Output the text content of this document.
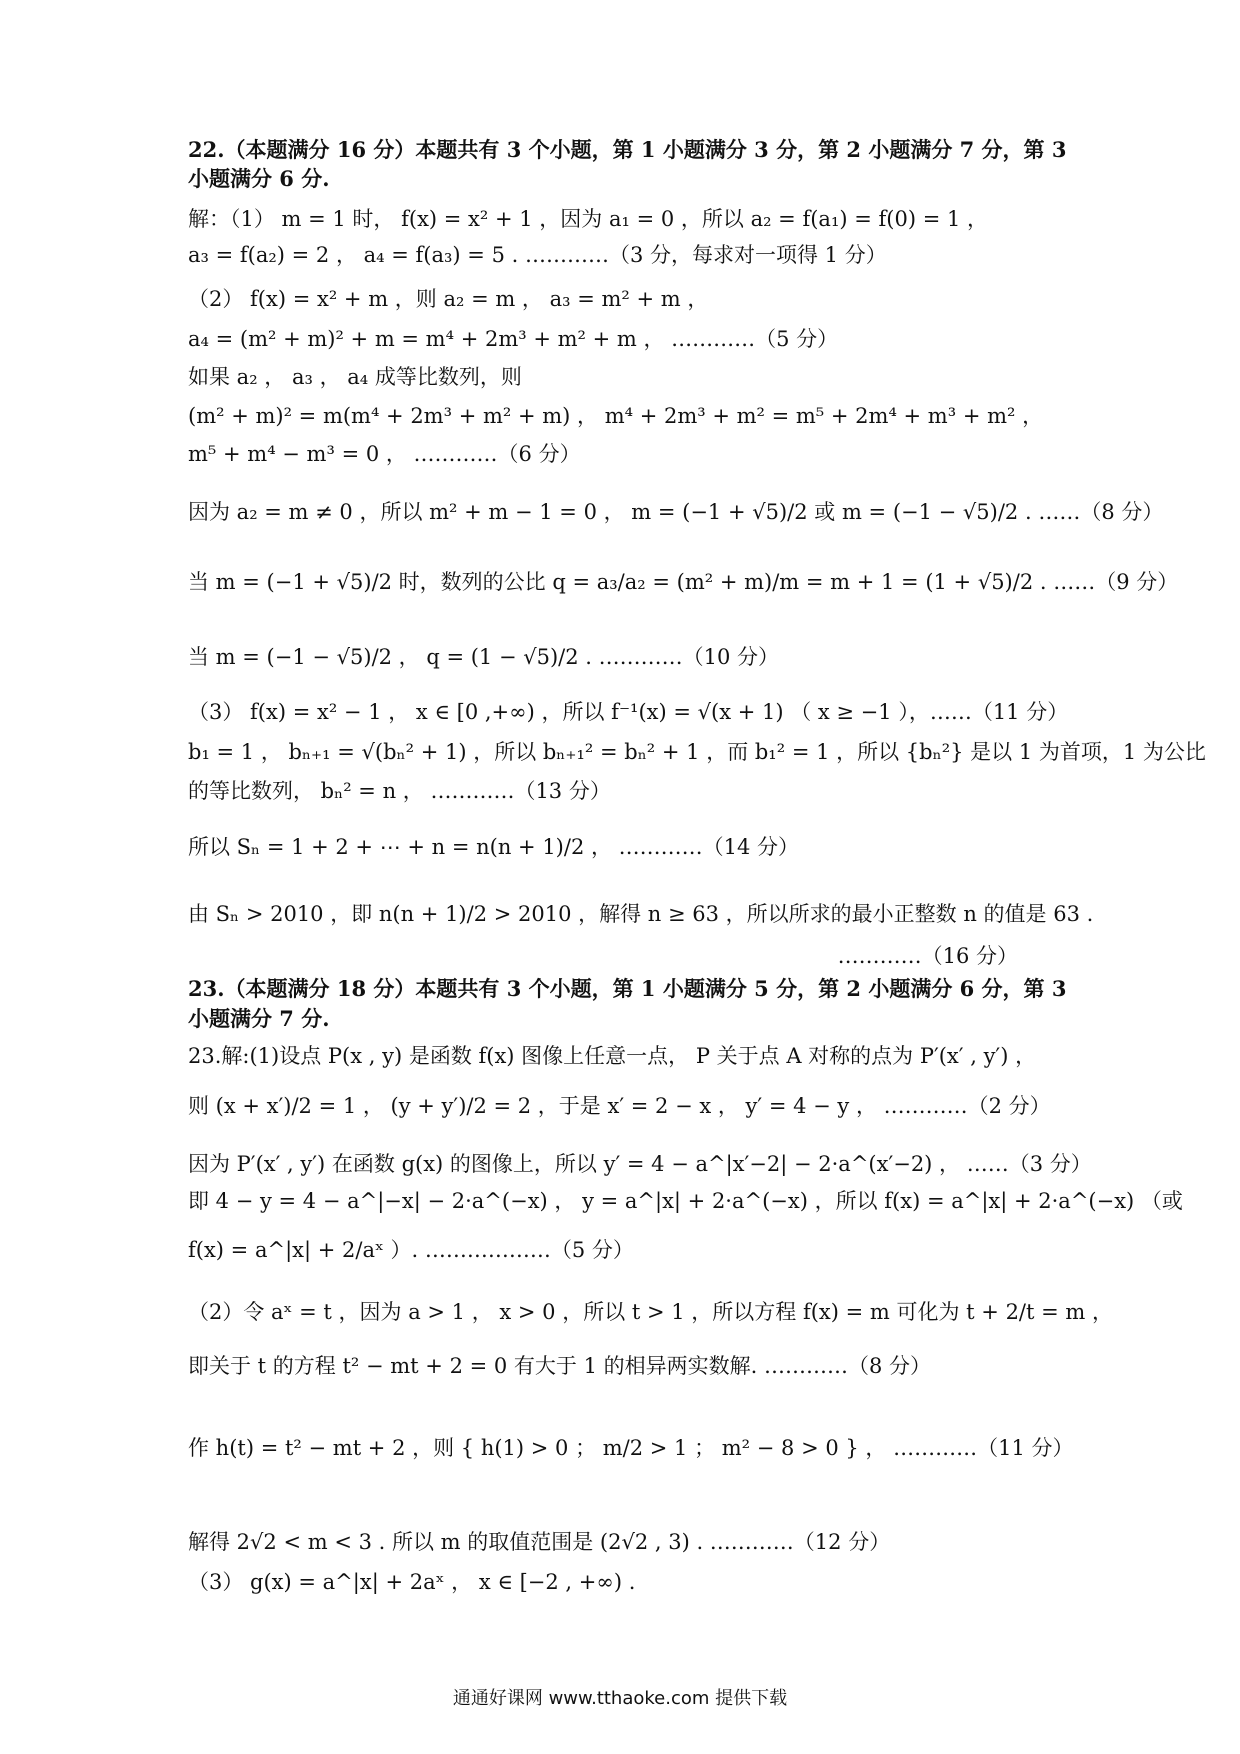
22.（本题满分 16 分）本题共有 3 个小题，第 1 小题满分 3 分，第 2 小题满分 7 分，第 3
小题满分 6 分.
解：（1） m = 1 时， f(x) = x² + 1 ，因为 a₁ = 0 ，所以 a₂ = f(a₁) = f(0) = 1 ，
a₃ = f(a₂) = 2 ， a₄ = f(a₃) = 5 . …………（3 分，每求对一项得 1 分）
（2） f(x) = x² + m ，则 a₂ = m ， a₃ = m² + m ，
a₄ = (m² + m)² + m = m⁴ + 2m³ + m² + m ， …………（5 分）
如果 a₂ ， a₃ ， a₄ 成等比数列，则
(m² + m)² = m(m⁴ + 2m³ + m² + m) ， m⁴ + 2m³ + m² = m⁵ + 2m⁴ + m³ + m² ，
m⁵ + m⁴ − m³ = 0 ， …………（6 分）
因为 a₂ = m ≠ 0 ，所以 m² + m − 1 = 0 ， m = (−1 + √5)/2 或 m = (−1 − √5)/2 . ……（8 分）
当 m = (−1 + √5)/2 时，数列的公比 q = a₃/a₂ = (m² + m)/m = m + 1 = (1 + √5)/2 . ……（9 分）
当 m = (−1 − √5)/2 ， q = (1 − √5)/2 . …………（10 分）
（3） f(x) = x² − 1 ， x ∈ [0 ,+∞) ，所以 f⁻¹(x) = √(x + 1) （ x ≥ −1 ），……（11 分）
b₁ = 1 ， bₙ₊₁ = √(bₙ² + 1) ，所以 bₙ₊₁² = bₙ² + 1 ，而 b₁² = 1 ，所以 {bₙ²} 是以 1 为首项，1 为公比
的等比数列， bₙ² = n ， …………（13 分）
所以 Sₙ = 1 + 2 + ⋯ + n = n(n + 1)/2 ， …………（14 分）
由 Sₙ > 2010 ，即 n(n + 1)/2 > 2010 ，解得 n ≥ 63 ，所以所求的最小正整数 n 的值是 63 .
…………（16 分）
23.（本题满分 18 分）本题共有 3 个小题，第 1 小题满分 5 分，第 2 小题满分 6 分，第 3
小题满分 7 分.
23.解:(1)设点 P(x , y) 是函数 f(x) 图像上任意一点， P 关于点 A 对称的点为 P′(x′ , y′) ，
则 (x + x′)/2 = 1 ， (y + y′)/2 = 2 ，于是 x′ = 2 − x ， y′ = 4 − y ， …………（2 分）
因为 P′(x′ , y′) 在函数 g(x) 的图像上，所以 y′ = 4 − a^|x′−2| − 2·a^(x′−2) ， ……（3 分）
即 4 − y = 4 − a^|−x| − 2·a^(−x) ， y = a^|x| + 2·a^(−x) ，所以 f(x) = a^|x| + 2·a^(−x) （或
f(x) = a^|x| + 2/aˣ ）. ………………（5 分）
（2）令 aˣ = t ，因为 a > 1 ， x > 0 ，所以 t > 1 ，所以方程 f(x) = m 可化为 t + 2/t = m ，
即关于 t 的方程 t² − mt + 2 = 0 有大于 1 的相异两实数解. …………（8 分）
作 h(t) = t² − mt + 2 ，则 { h(1) > 0 ； m/2 > 1 ； m² − 8 > 0 } ， …………（11 分）
解得 2√2 < m < 3 . 所以 m 的取值范围是 (2√2 , 3) . …………（12 分）
（3） g(x) = a^|x| + 2aˣ ， x ∈ [−2 , +∞) .
通通好课网 www.tthaoke.com 提供下载
